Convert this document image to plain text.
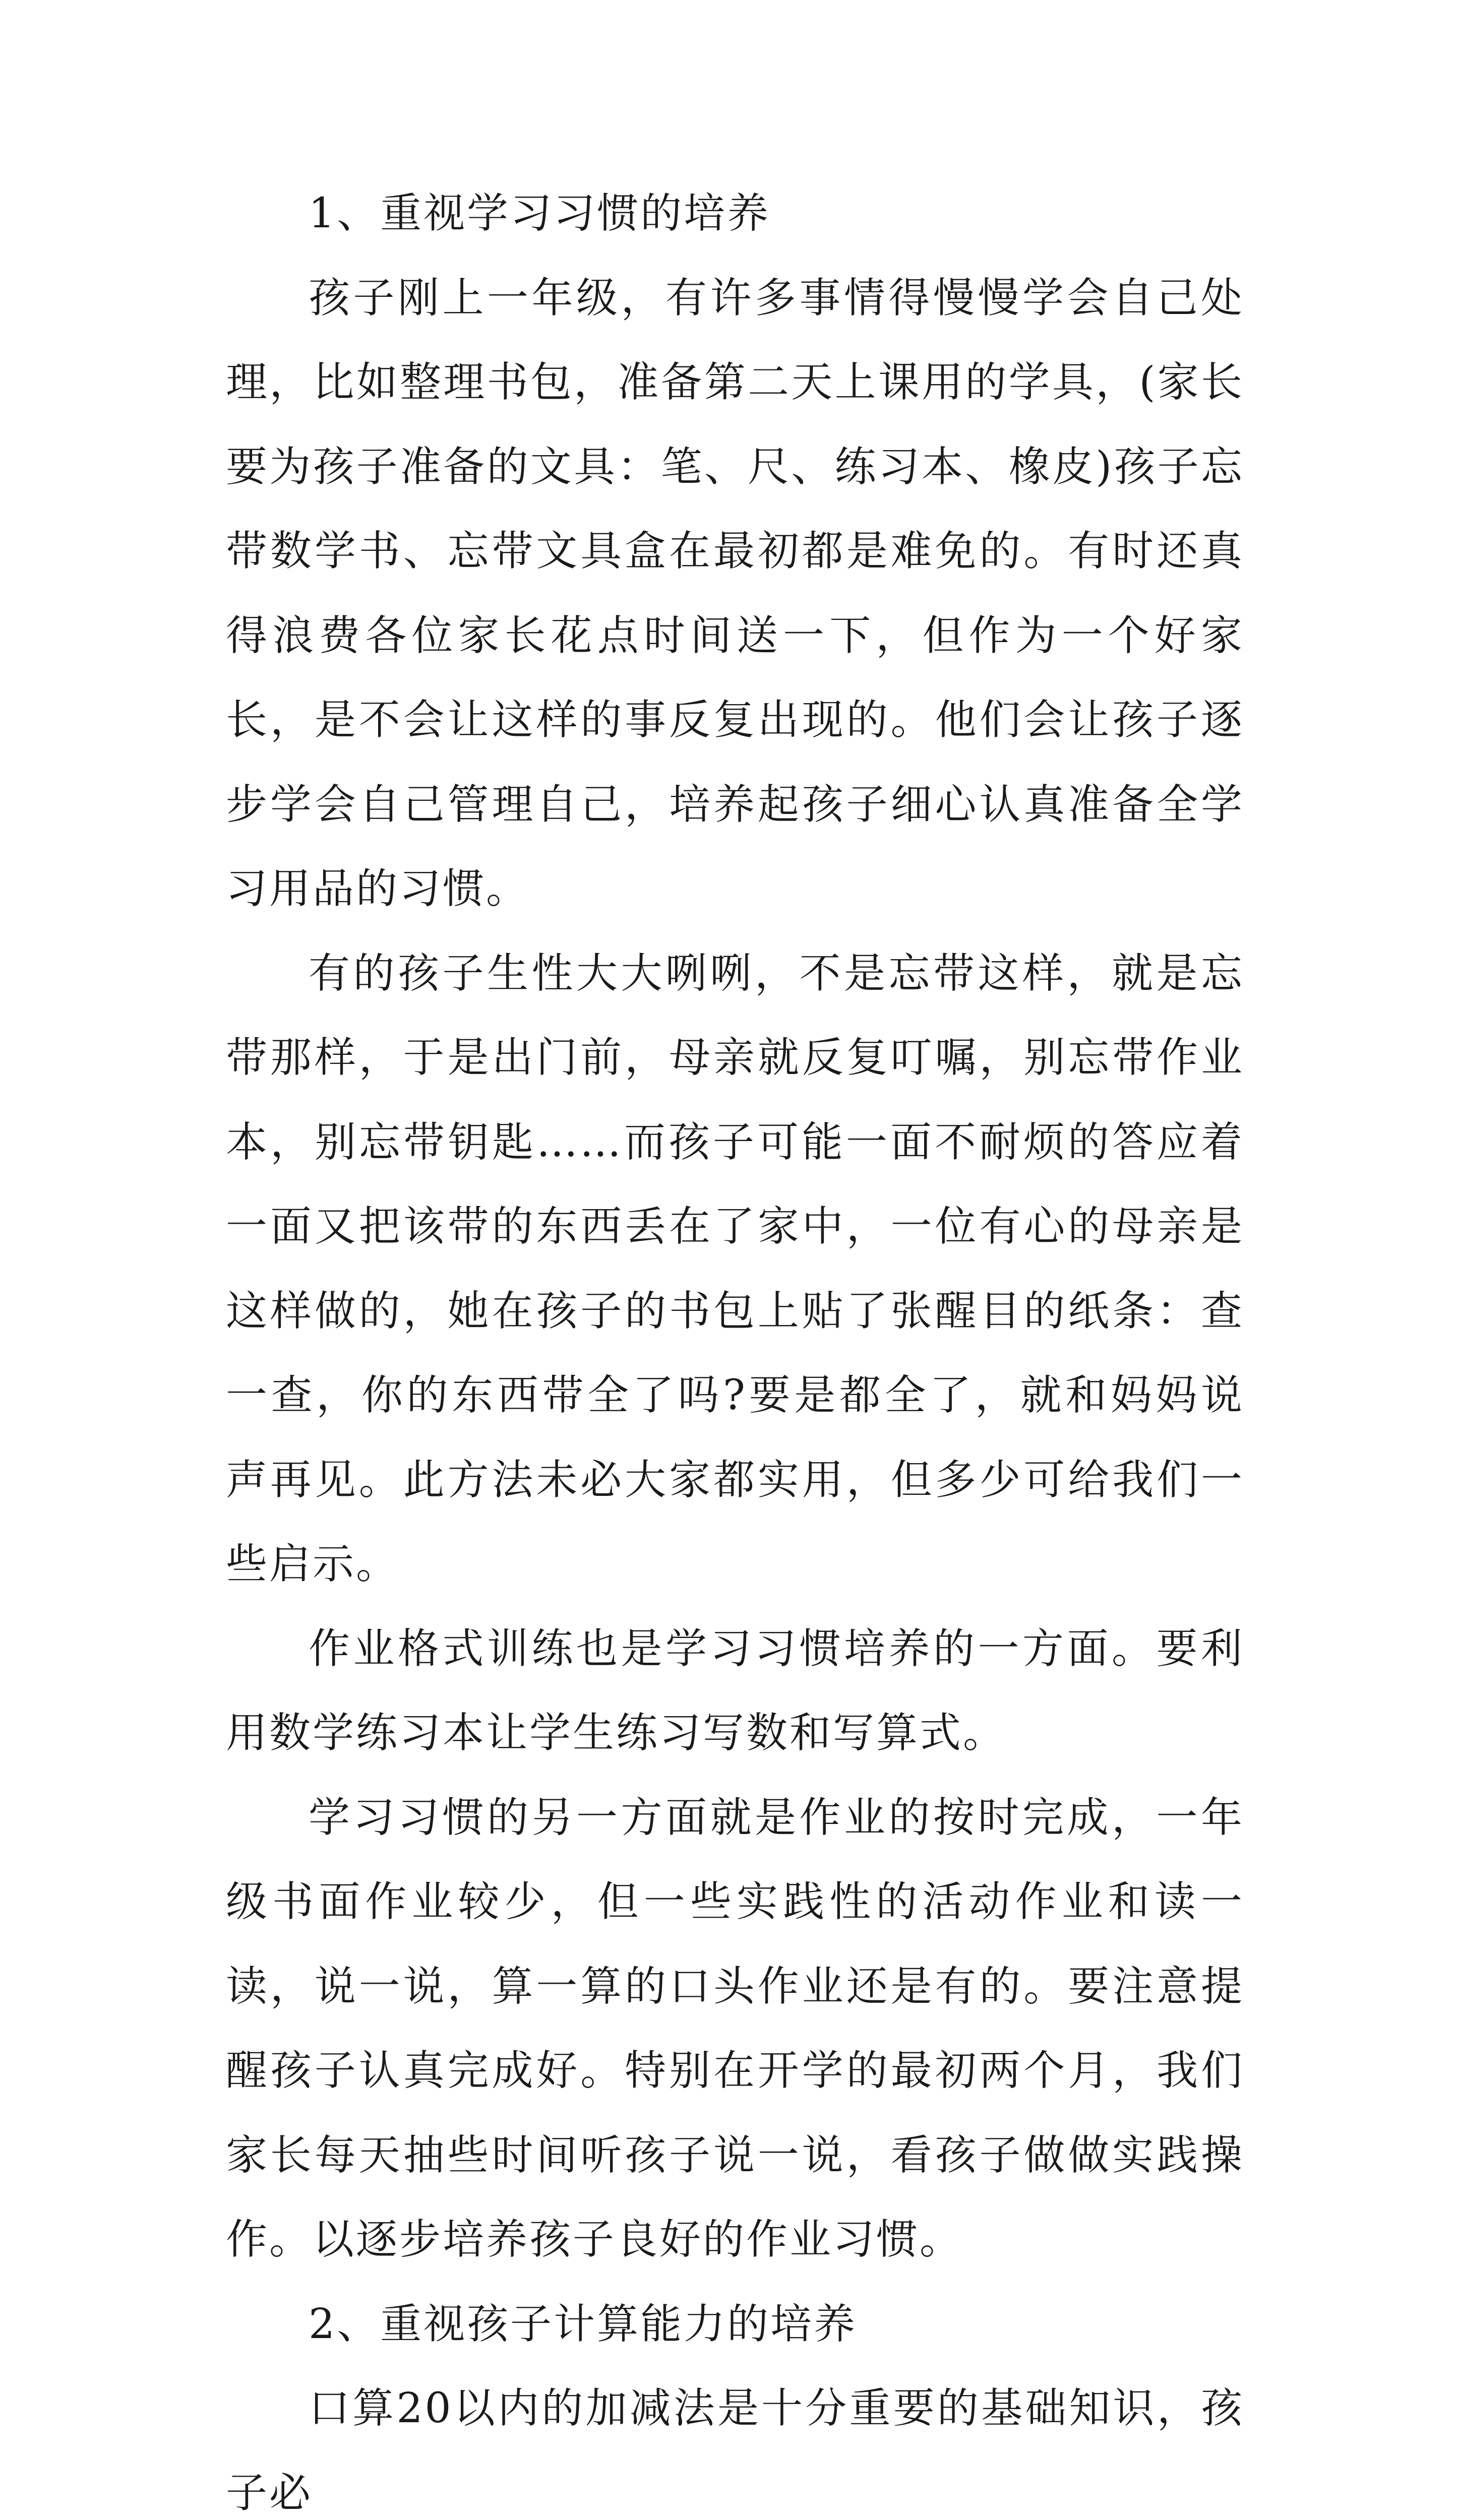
1、重视学习习惯的培养

孩子刚上一年级，有许多事情得慢慢学会自己处理，比如整理书包，准备第二天上课用的学具，(家长要为孩子准备的文具：笔、尺、练习本、橡皮)孩子忘带数学书、忘带文具盒在最初都是难免的。有时还真得浪费各位家长花点时间送一下，但作为一个好家长，是不会让这样的事反复出现的。他们会让孩子逐步学会自己管理自己，培养起孩子细心认真准备全学习用品的习惯。

有的孩子生性大大咧咧，不是忘带这样，就是忘带那样，于是出门前，母亲就反复叮嘱，别忘带作业本，别忘带钥匙……而孩子可能一面不耐烦的答应着一面又把该带的东西丢在了家中，一位有心的母亲是这样做的，她在孩子的书包上贴了张醒目的纸条：查一查，你的东西带全了吗?要是都全了，就和妈妈说声再见。此方法未必大家都实用，但多少可给我们一些启示。

作业格式训练也是学习习惯培养的一方面。要利用数学练习本让学生练习写数和写算式。

学习习惯的另一方面就是作业的按时完成，一年级书面作业较少，但一些实践性的活动作业和读一读，说一说，算一算的口头作业还是有的。要注意提醒孩子认真完成好。特别在开学的最初两个月，我们家长每天抽些时间听孩子说一说，看孩子做做实践操作。以逐步培养孩子良好的作业习惯。

2、重视孩子计算能力的培养

口算20以内的加减法是十分重要的基础知识，孩子必
